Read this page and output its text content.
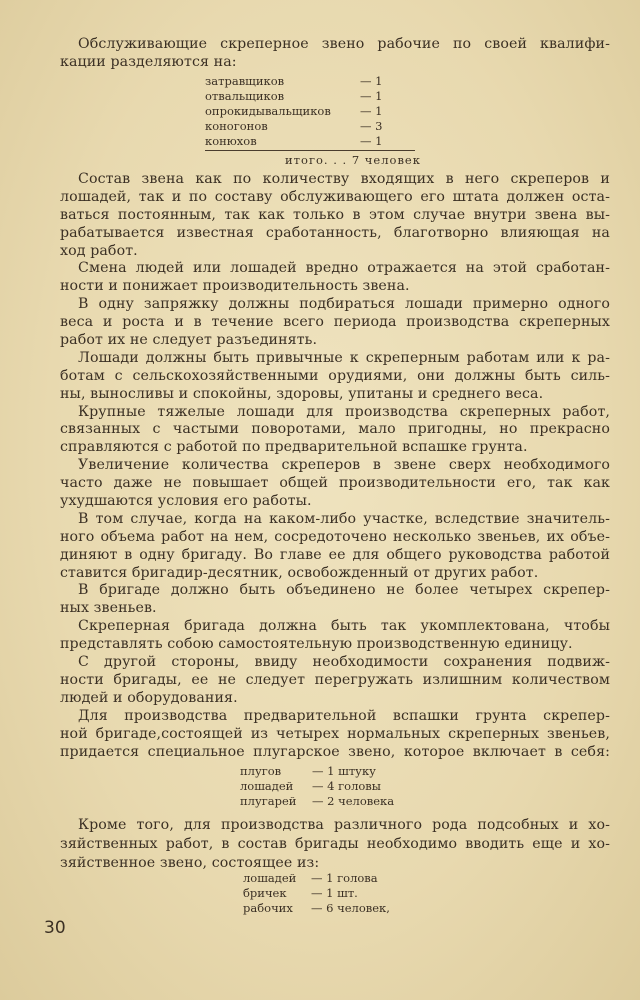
Обслуживающие скреперное звено рабочие по своей квалифи-
кации разделяются на:
затравщиков	— 1
отвальщиков	— 1
опрокидывальщиков	— 1
коногонов	— 3
конюхов	— 1
итого. . . 7 человек
Состав звена как по количеству входящих в него скреперов и
лошадей, так и по составу обслуживающего его штата должен оста-
ваться постоянным, так как только в этом случае внутри звена вы-
рабатывается известная сработанность, благотворно влияющая на
ход работ.
Смена людей или лошадей вредно отражается на этой сработан-
ности и понижает производительность звена.
В одну запряжку должны подбираться лошади примерно одного
веса и роста и в течение всего периода производства скреперных
работ их не следует разъединять.
Лошади должны быть привычные к скреперным работам или к ра-
ботам с сельскохозяйственными орудиями, они должны быть силь-
ны, выносливы и спокойны, здоровы, упитаны и среднего веса.
Крупные тяжелые лошади для производства скреперных работ,
связанных с частыми поворотами, мало пригодны, но прекрасно
справляются с работой по предварительной вспашке грунта.
Увеличение количества скреперов в звене сверх необходимого
часто даже не повышает общей производительности его, так как
ухудшаются условия его работы.
В том случае, когда на каком-либо участке, вследствие значитель-
ного объема работ на нем, сосредоточено несколько звеньев, их объе-
диняют в одну бригаду. Во главе ее для общего руководства работой
ставится бригадир-десятник, освобожденный от других работ.
В бригаде должно быть объединено не более четырех скрепер-
ных звеньев.
Скреперная бригада должна быть так укомплектована, чтобы
представлять собою самостоятельную производственную единицу.
С другой стороны, ввиду необходимости сохранения подвиж-
ности бригады, ее не следует перегружать излишним количеством
людей и оборудования.
Для производства предварительной вспашки грунта скрепер-
ной бригаде,состоящей из четырех нормальных скреперных звеньев,
придается специальное плугарское звено, которое включает в себя:
плугов	— 1 штуку
лошадей	— 4 головы
плугарей	— 2 человека
Кроме того, для производства различного рода подсобных и хо-
зяйственных работ, в состав бригады необходимо вводить еще и хо-
зяйственное звено, состоящее из:
лошадей	— 1 голова
бричек	— 1 шт.
рабочих	— 6 человек,
30
